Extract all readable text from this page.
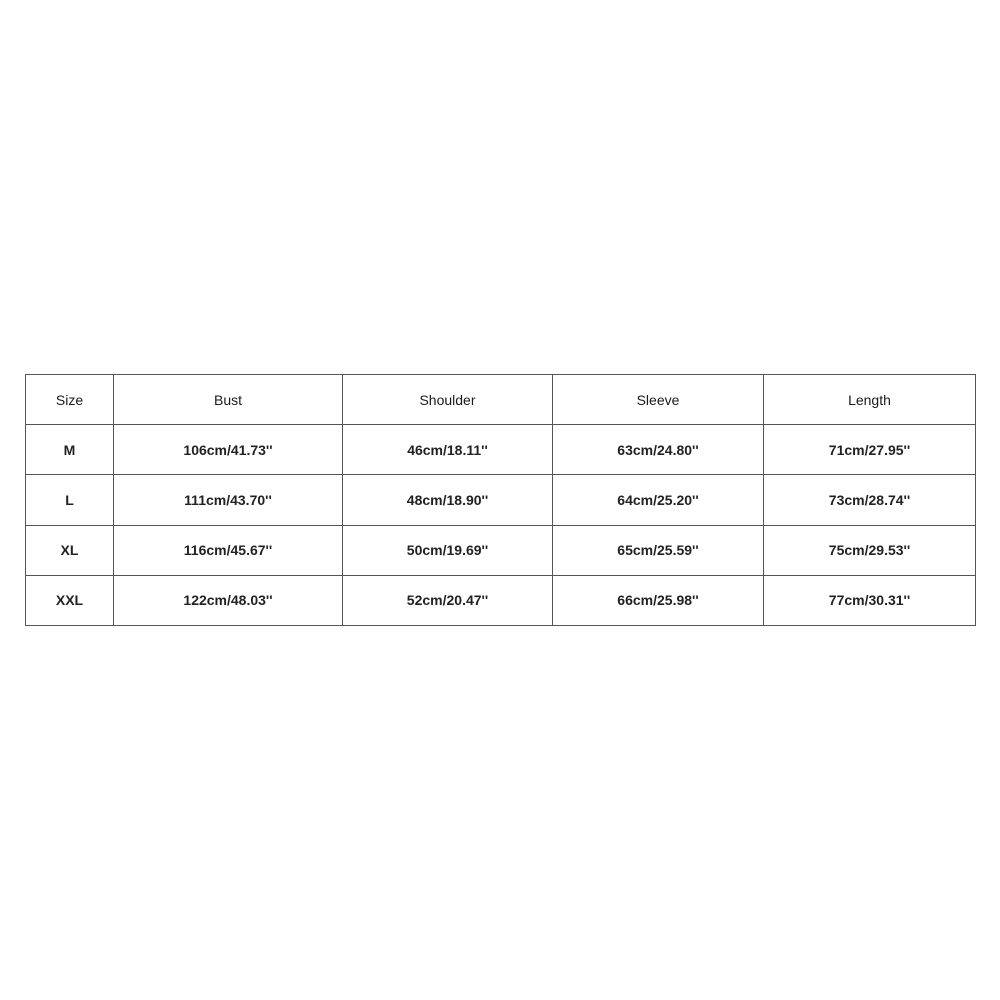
Size	Bust	Shoulder	Sleeve	Length
M	106cm/41.73''	46cm/18.11''	63cm/24.80''	71cm/27.95''
L	111cm/43.70''	48cm/18.90''	64cm/25.20''	73cm/28.74''
XL	116cm/45.67''	50cm/19.69''	65cm/25.59''	75cm/29.53''
XXL	122cm/48.03''	52cm/20.47''	66cm/25.98''	77cm/30.31''
